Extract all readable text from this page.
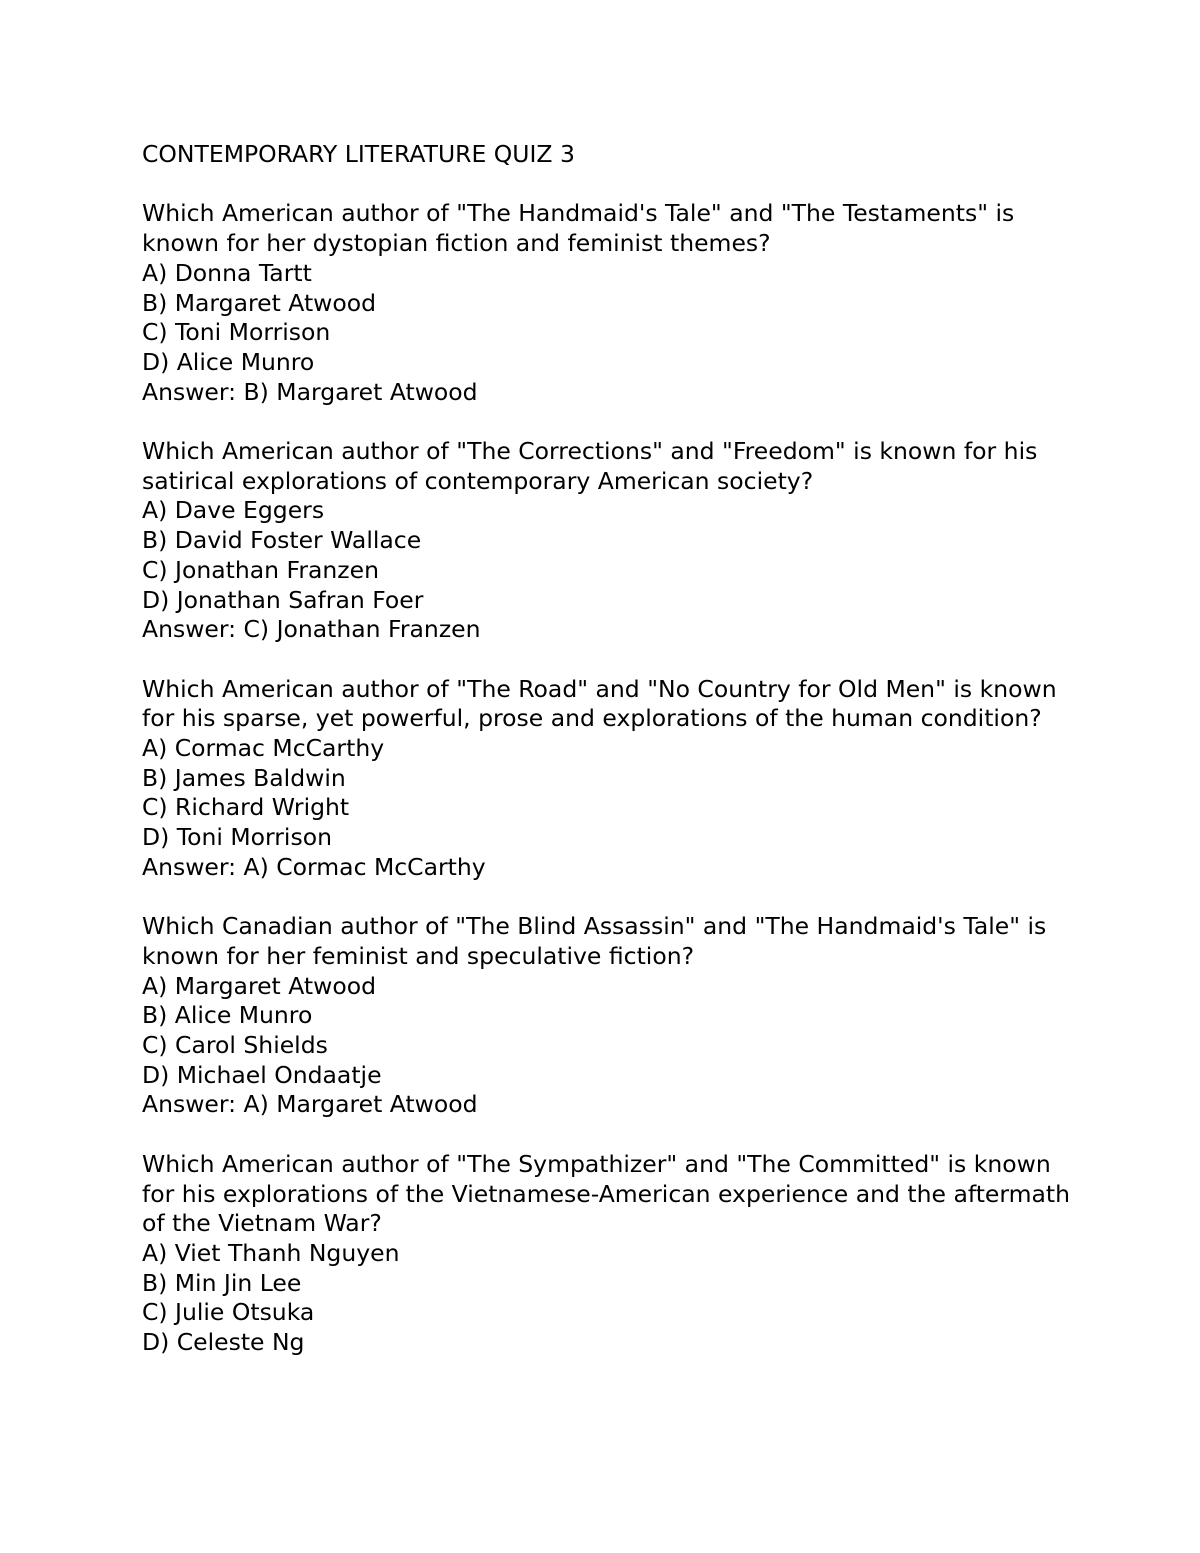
CONTEMPORARY LITERATURE QUIZ 3

Which American author of "The Handmaid's Tale" and "The Testaments" is known for her dystopian fiction and feminist themes?

A) Donna Tartt
B) Margaret Atwood
C) Toni Morrison
D) Alice Munro

Answer: B) Margaret Atwood

Which American author of "The Corrections" and "Freedom" is known for his satirical explorations of contemporary American society?

A) Dave Eggers
B) David Foster Wallace
C) Jonathan Franzen
D) Jonathan Safran Foer

Answer: C) Jonathan Franzen

Which American author of "The Road" and "No Country for Old Men" is known for his sparse, yet powerful, prose and explorations of the human condition?

A) Cormac McCarthy
B) James Baldwin
C) Richard Wright
D) Toni Morrison

Answer: A) Cormac McCarthy

Which Canadian author of "The Blind Assassin" and "The Handmaid's Tale" is known for her feminist and speculative fiction?

A) Margaret Atwood
B) Alice Munro
C) Carol Shields
D) Michael Ondaatje

Answer: A) Margaret Atwood

Which American author of "The Sympathizer" and "The Committed" is known for his explorations of the Vietnamese-American experience and the aftermath of the Vietnam War?

A) Viet Thanh Nguyen
B) Min Jin Lee
C) Julie Otsuka
D) Celeste Ng
